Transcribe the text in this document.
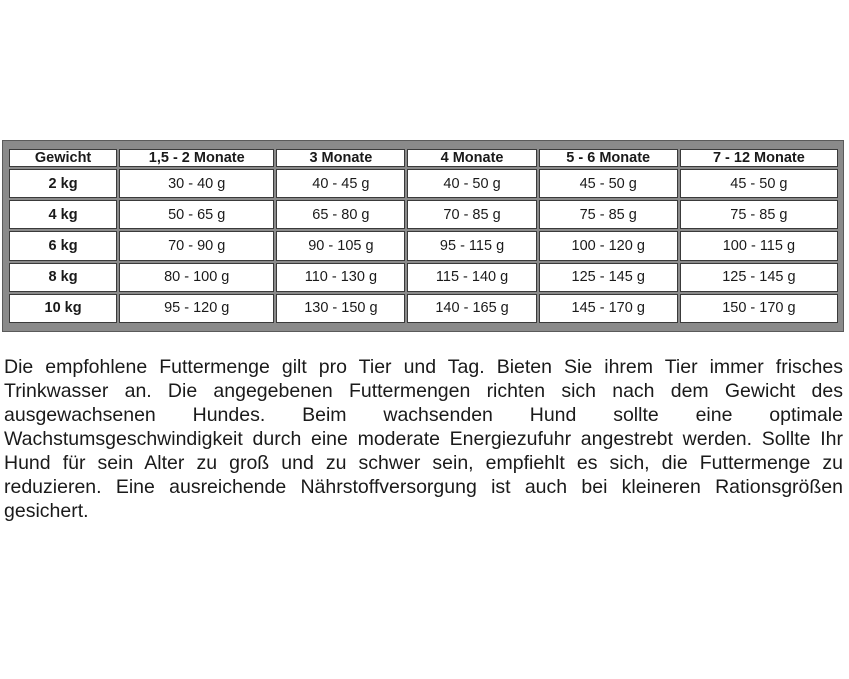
Gewicht	1,5 - 2 Monate	3 Monate	4 Monate	5 - 6 Monate	7 - 12 Monate
2 kg	30 - 40 g	40 - 45 g	40 - 50 g	45 - 50 g	45 - 50 g
4 kg	50 - 65 g	65 - 80 g	70 - 85 g	75 - 85 g	75 - 85 g
6 kg	70 - 90 g	90 - 105 g	95 - 115 g	100 - 120 g	100 - 115 g
8 kg	80 - 100 g	110 - 130 g	115 - 140 g	125 - 145 g	125 - 145 g
10 kg	95 - 120 g	130 - 150 g	140 - 165 g	145 - 170 g	150 - 170 g

Die empfohlene Futtermenge gilt pro Tier und Tag. Bieten Sie ihrem Tier immer frisches Trinkwasser an. Die angegebenen Futtermengen richten sich nach dem Gewicht des ausgewachsenen Hundes. Beim wachsenden Hund sollte eine optimale Wachstumsgeschwindigkeit durch eine moderate Energiezufuhr angestrebt werden. Sollte Ihr Hund für sein Alter zu groß und zu schwer sein, empfiehlt es sich, die Futtermenge zu reduzieren. Eine ausreichende Nährstoffversorgung ist auch bei kleineren Rationsgrößen gesichert.
